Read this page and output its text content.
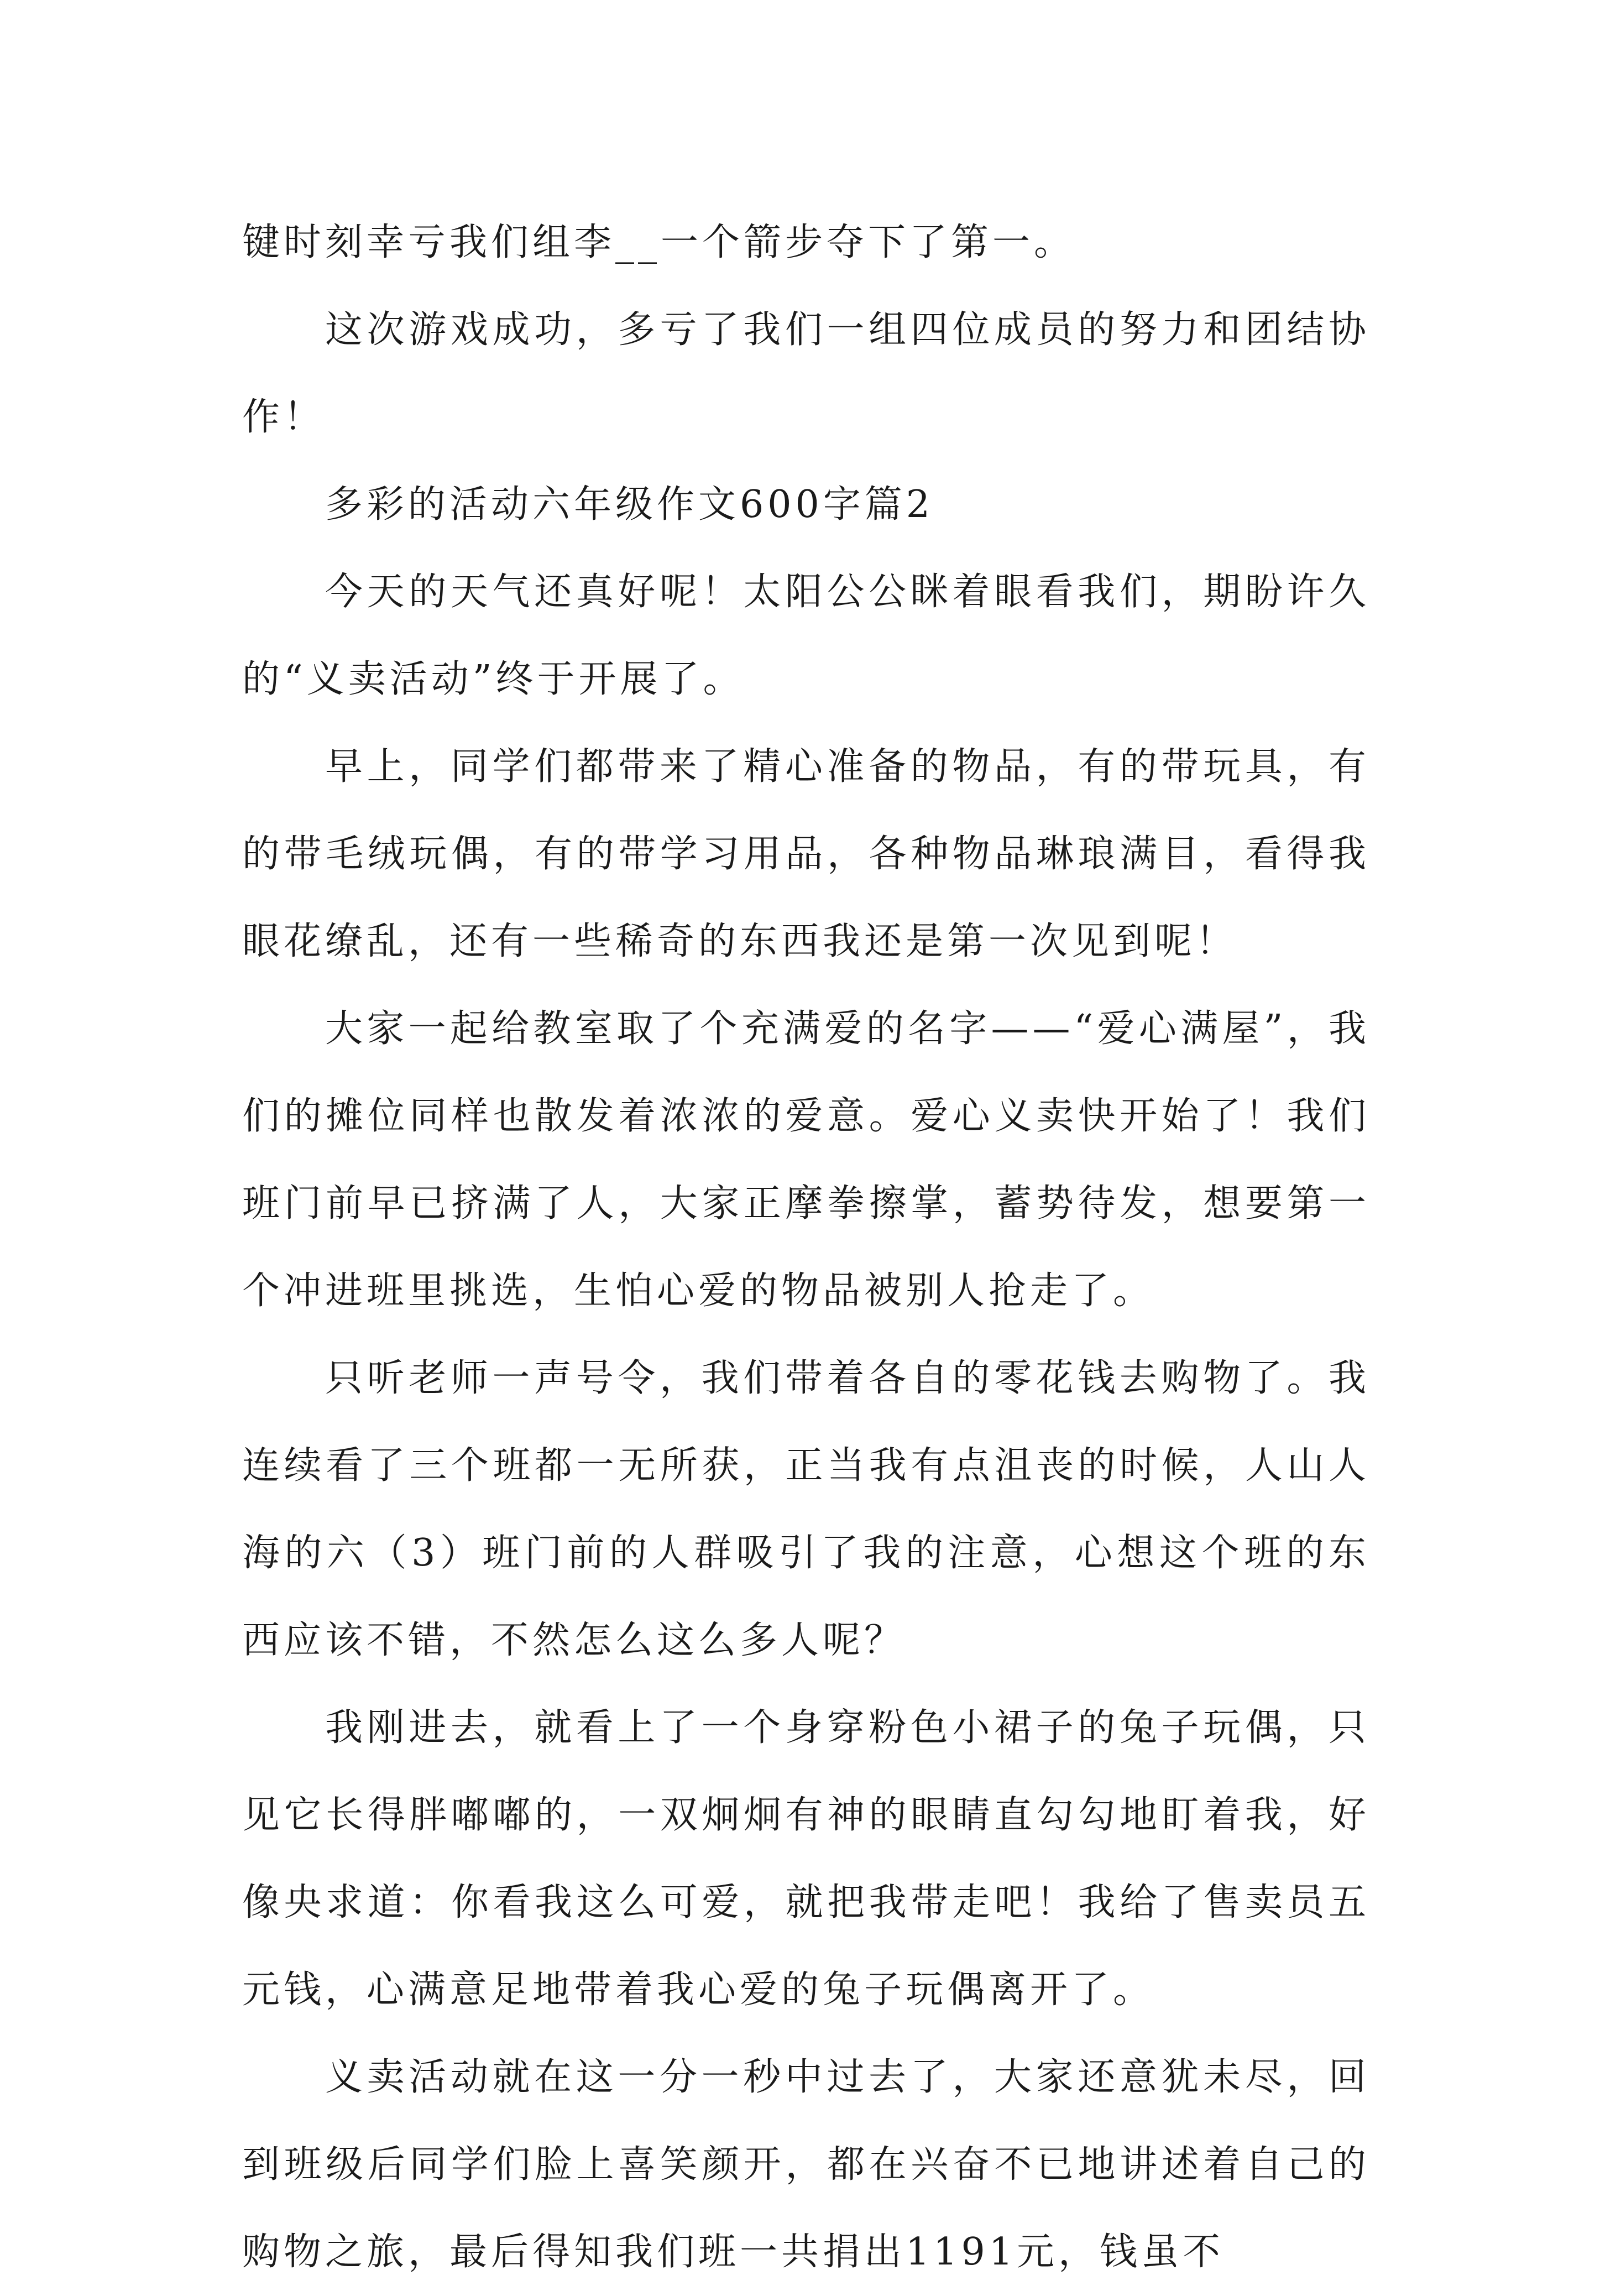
键时刻幸亏我们组李__一个箭步夺下了第一。

这次游戏成功，多亏了我们一组四位成员的努力和团结协作！

多彩的活动六年级作文600字篇2

今天的天气还真好呢！太阳公公眯着眼看我们，期盼许久的“义卖活动”终于开展了。

早上，同学们都带来了精心准备的物品，有的带玩具，有的带毛绒玩偶，有的带学习用品，各种物品琳琅满目，看得我眼花缭乱，还有一些稀奇的东西我还是第一次见到呢！

大家一起给教室取了个充满爱的名字——“爱心满屋”，我们的摊位同样也散发着浓浓的爱意。爱心义卖快开始了！我们班门前早已挤满了人，大家正摩拳擦掌，蓄势待发，想要第一个冲进班里挑选，生怕心爱的物品被别人抢走了。

只听老师一声号令，我们带着各自的零花钱去购物了。我连续看了三个班都一无所获，正当我有点沮丧的时候，人山人海的六（3）班门前的人群吸引了我的注意，心想这个班的东西应该不错，不然怎么这么多人呢？

我刚进去，就看上了一个身穿粉色小裙子的兔子玩偶，只见它长得胖嘟嘟的，一双炯炯有神的眼睛直勾勾地盯着我，好像央求道：你看我这么可爱，就把我带走吧！我给了售卖员五元钱，心满意足地带着我心爱的兔子玩偶离开了。

义卖活动就在这一分一秒中过去了，大家还意犹未尽，回到班级后同学们脸上喜笑颜开，都在兴奋不已地讲述着自己的购物之旅，最后得知我们班一共捐出1191元，钱虽不
